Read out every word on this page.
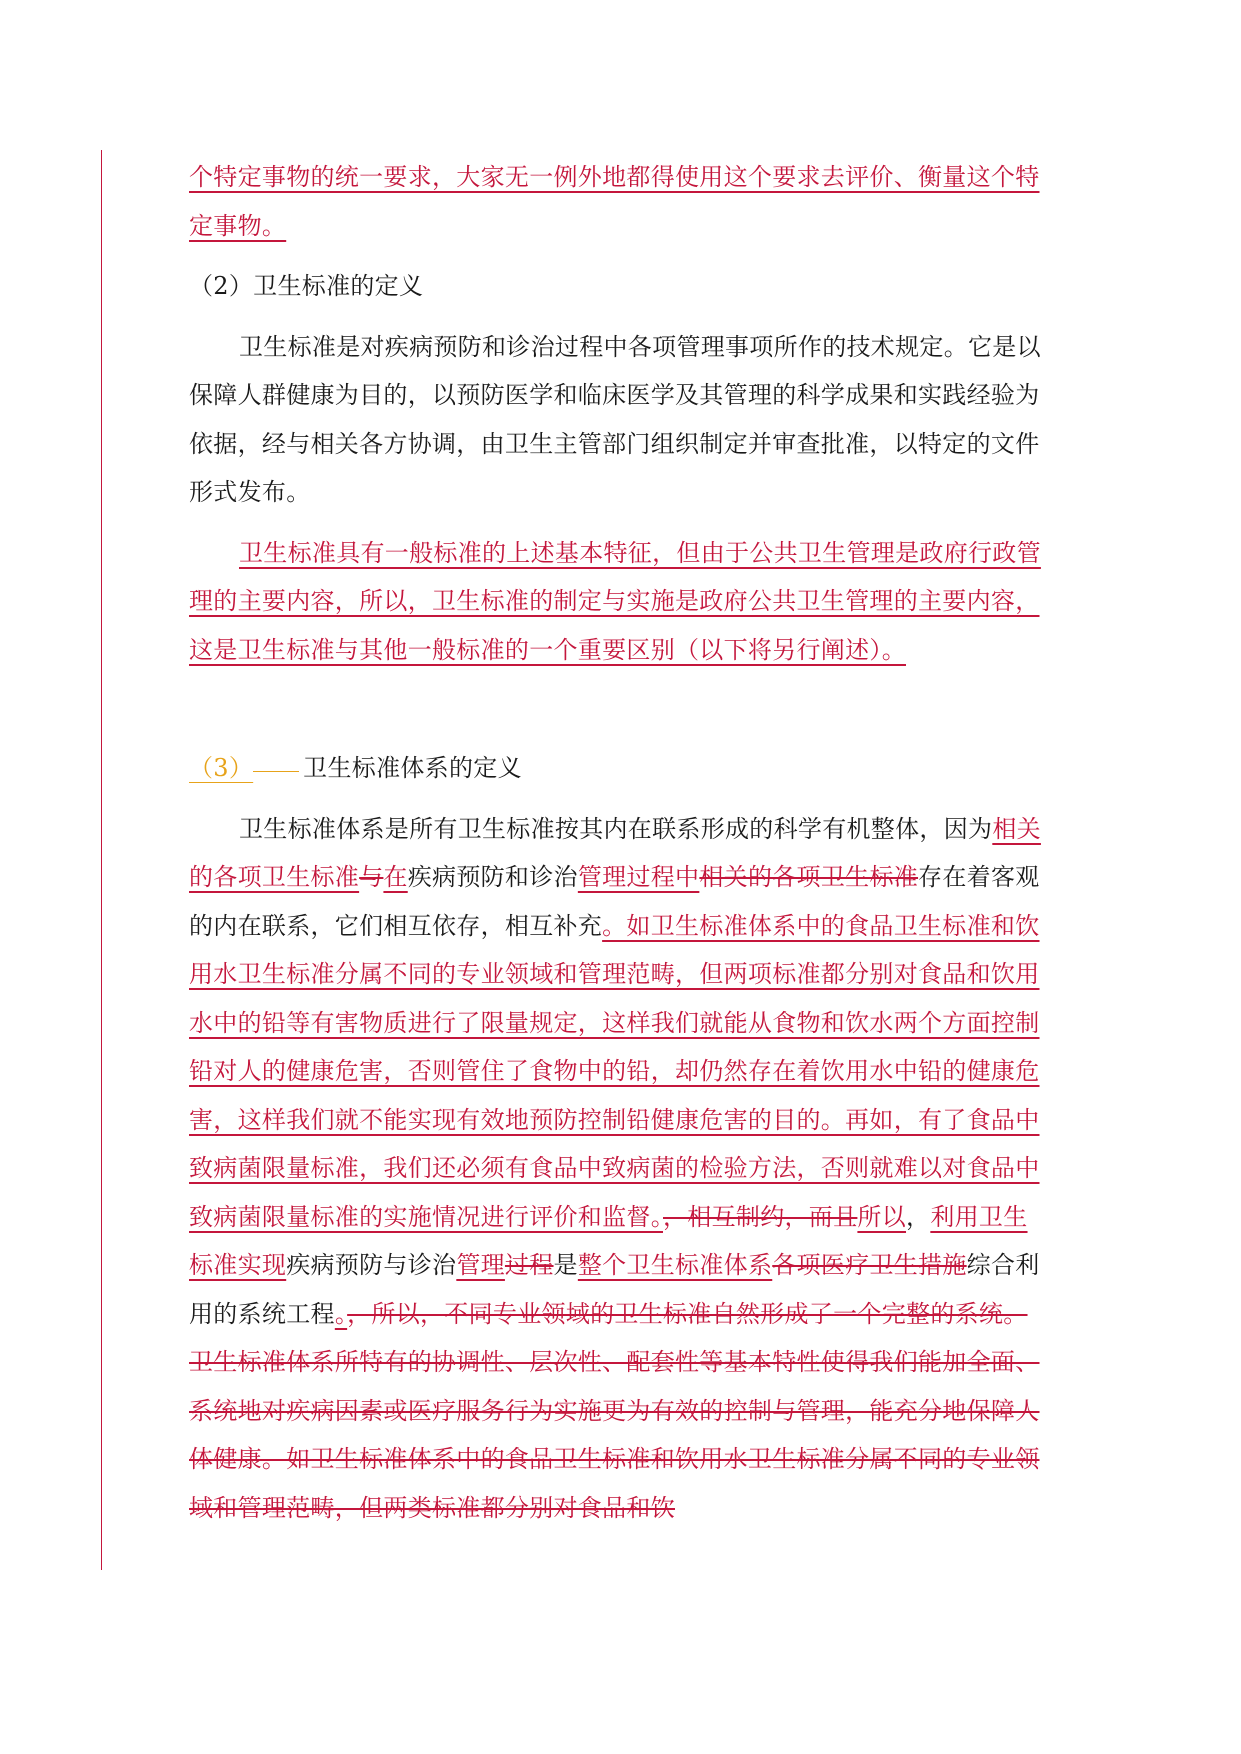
个特定事物的统一要求，大家无一例外地都得使用这个要求去评价、衡量这个特定事物。

（2）卫生标准的定义

卫生标准是对疾病预防和诊治过程中各项管理事项所作的技术规定。它是以保障人群健康为目的，以预防医学和临床医学及其管理的科学成果和实践经验为依据，经与相关各方协调，由卫生主管部门组织制定并审查批准，以特定的文件形式发布。

卫生标准具有一般标准的上述基本特征，但由于公共卫生管理是政府行政管理的主要内容，所以，卫生标准的制定与实施是政府公共卫生管理的主要内容，这是卫生标准与其他一般标准的一个重要区别（以下将另行阐述）。

（3） 卫生标准体系的定义

卫生标准体系是所有卫生标准按其内在联系形成的科学有机整体，因为相关的各项卫生标准与在疾病预防和诊治管理过程中相关的各项卫生标准存在着客观的内在联系，它们相互依存，相互补充。如卫生标准体系中的食品卫生标准和饮用水卫生标准分属不同的专业领域和管理范畴，但两项标准都分别对食品和饮用水中的铅等有害物质进行了限量规定，这样我们就能从食物和饮水两个方面控制铅对人的健康危害，否则管住了食物中的铅，却仍然存在着饮用水中铅的健康危害，这样我们就不能实现有效地预防控制铅健康危害的目的。再如，有了食品中致病菌限量标准，我们还必须有食品中致病菌的检验方法，否则就难以对食品中致病菌限量标准的实施情况进行评价和监督。，相互制约，而且所以，利用卫生标准实现疾病预防与诊治管理过程是整个卫生标准体系各项医疗卫生措施综合利用的系统工程。，所以，不同专业领域的卫生标准自然形成了一个完整的系统。卫生标准体系所特有的协调性、层次性、配套性等基本特性使得我们能加全面、系统地对疾病因素或医疗服务行为实施更为有效的控制与管理，能充分地保障人体健康。如卫生标准体系中的食品卫生标准和饮用水卫生标准分属不同的专业领域和管理范畴，但两类标准都分别对食品和饮
